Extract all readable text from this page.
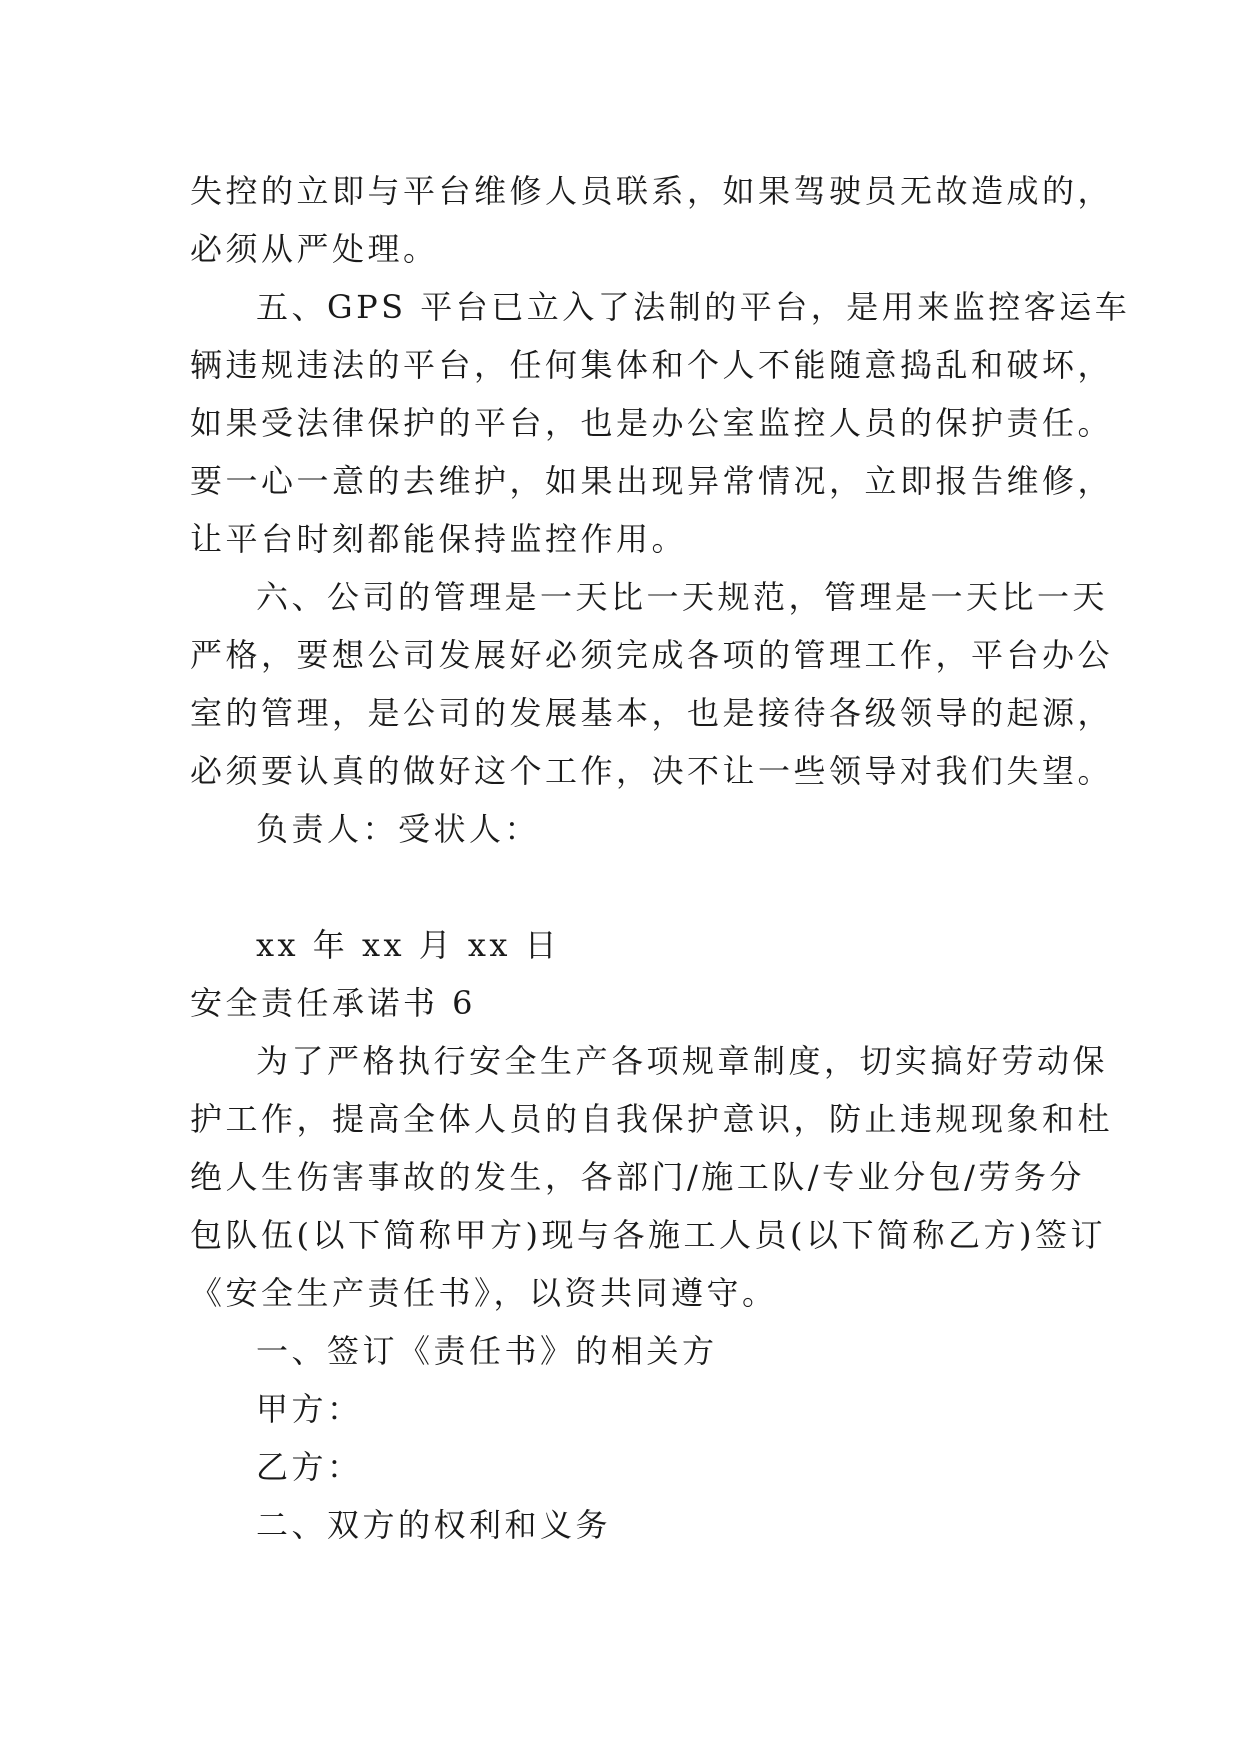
失控的立即与平台维修人员联系，如果驾驶员无故造成的，
必须从严处理。
五、GPS 平台已立入了法制的平台，是用来监控客运车
辆违规违法的平台，任何集体和个人不能随意捣乱和破坏，
如果受法律保护的平台，也是办公室监控人员的保护责任。
要一心一意的去维护，如果出现异常情况，立即报告维修，
让平台时刻都能保持监控作用。
六、公司的管理是一天比一天规范，管理是一天比一天
严格，要想公司发展好必须完成各项的管理工作，平台办公
室的管理，是公司的发展基本，也是接待各级领导的起源，
必须要认真的做好这个工作，决不让一些领导对我们失望。
负责人：受状人：
xx 年 xx 月 xx 日
安全责任承诺书 6
为了严格执行安全生产各项规章制度，切实搞好劳动保
护工作，提高全体人员的自我保护意识，防止违规现象和杜
绝人生伤害事故的发生，各部门/施工队/专业分包/劳务分
包队伍(以下简称甲方)现与各施工人员(以下简称乙方)签订
《安全生产责任书》，以资共同遵守。
一、签订《责任书》的相关方
甲方：
乙方：
二、双方的权利和义务
